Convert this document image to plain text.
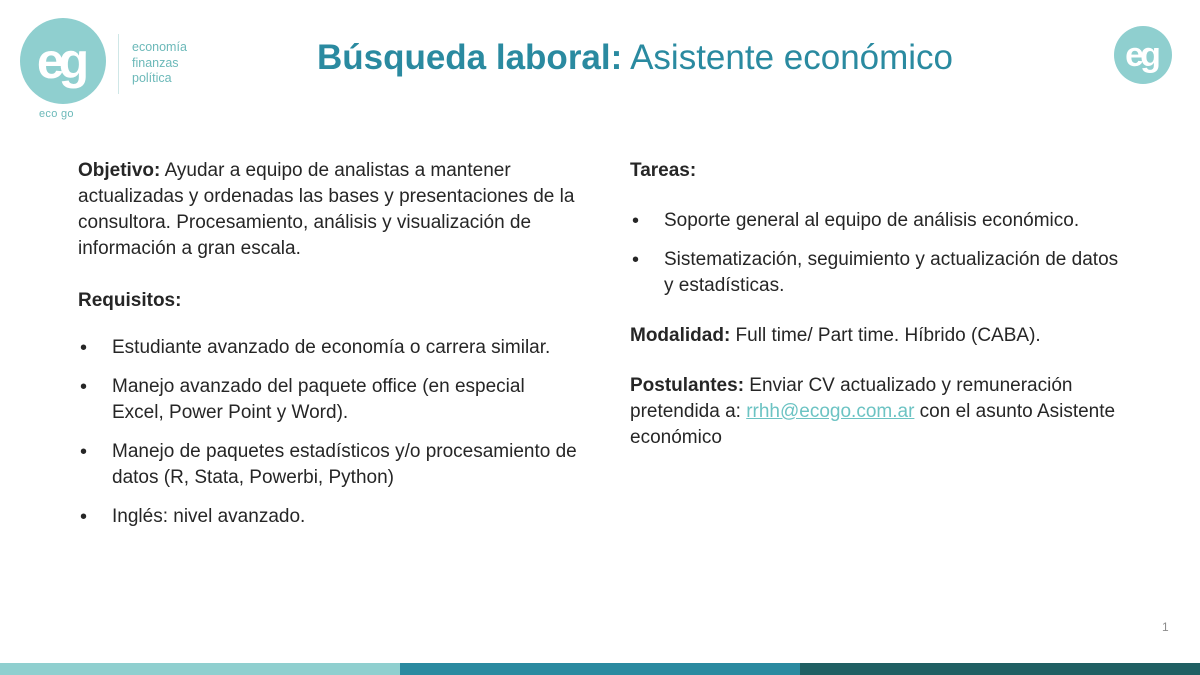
eg
eco go
economía
finanzas
política
Búsqueda laboral: Asistente económico	eg

Objetivo: Ayudar a equipo de analistas a mantener actualizadas y ordenadas las bases y presentaciones de la consultora. Procesamiento, análisis y visualización de información a gran escala.

Requisitos:

• Estudiante avanzado de economía o carrera similar.
• Manejo avanzado del paquete office (en especial Excel, Power Point y Word).
• Manejo de paquetes estadísticos y/o procesamiento de datos (R, Stata, Powerbi, Python)
• Inglés: nivel avanzado.

Tareas:

• Soporte general al equipo de análisis económico.
• Sistematización, seguimiento y actualización de datos y estadísticas.

Modalidad: Full time/ Part time. Híbrido (CABA).

Postulantes: Enviar CV actualizado y remuneración pretendida a: rrhh@ecogo.com.ar con el asunto Asistente económico

1
